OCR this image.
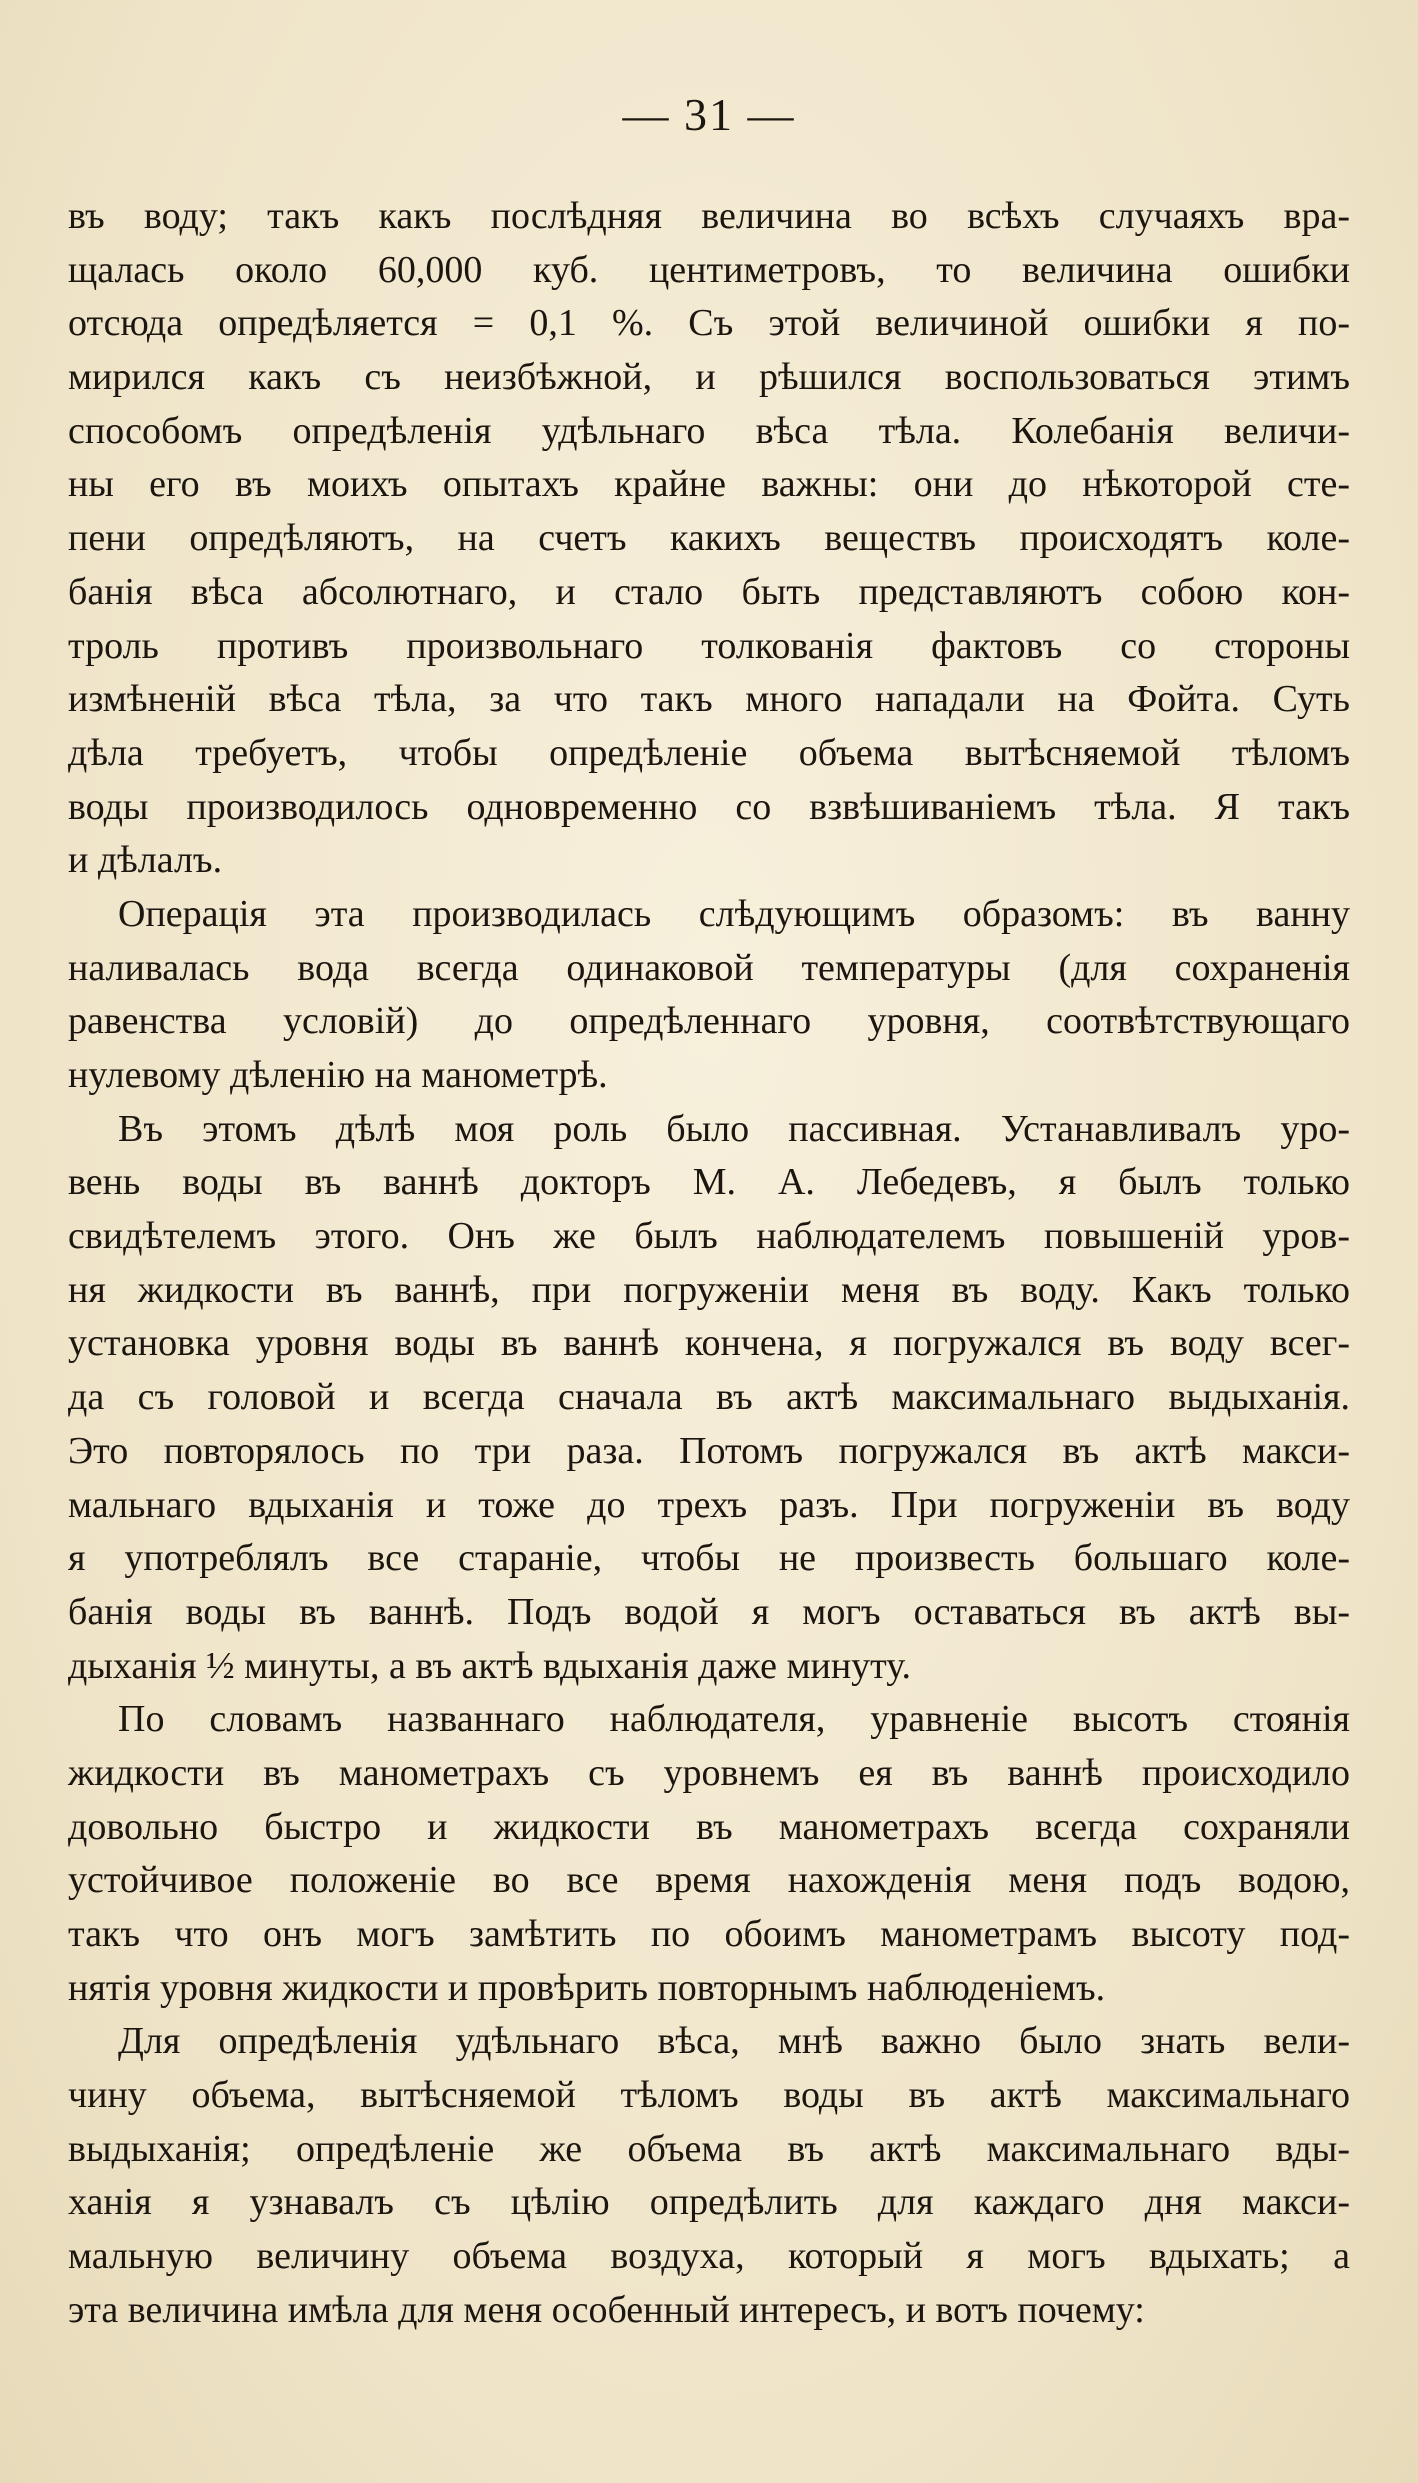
— 31 —
въ воду; такъ какъ послѣдняя величина во всѣхъ случаяхъ вра-
щалась около 60,000 куб. центиметровъ, то величина ошибки
отсюда опредѣляется = 0,1 %. Съ этой величиной ошибки я по-
мирился какъ съ неизбѣжной, и рѣшился воспользоваться этимъ
способомъ опредѣленія удѣльнаго вѣса тѣла. Колебанія величи-
ны его въ моихъ опытахъ крайне важны: они до нѣкоторой сте-
пени опредѣляютъ, на счетъ какихъ веществъ происходятъ коле-
банія вѣса абсолютнаго, и стало быть представляютъ собою кон-
троль противъ произвольнаго толкованія фактовъ со стороны
измѣненій вѣса тѣла, за что такъ много нападали на Фойта. Суть
дѣла требуетъ, чтобы опредѣленіе объема вытѣсняемой тѣломъ
воды производилось одновременно со взвѣшиваніемъ тѣла. Я такъ
и дѣлалъ.
Операція эта производилась слѣдующимъ образомъ: въ ванну
наливалась вода всегда одинаковой температуры (для сохраненія
равенства условій) до опредѣленнаго уровня, соотвѣтствующаго
нулевому дѣленію на манометрѣ.
Въ этомъ дѣлѣ моя роль было пассивная. Устанавливалъ уро-
вень воды въ ваннѣ докторъ М. А. Лебедевъ, я былъ только
свидѣтелемъ этого. Онъ же былъ наблюдателемъ повышеній уров-
ня жидкости въ ваннѣ, при погруженіи меня въ воду. Какъ только
установка уровня воды въ ваннѣ кончена, я погружался въ воду всег-
да съ головой и всегда сначала въ актѣ максимальнаго выдыханія.
Это повторялось по три раза. Потомъ погружался въ актѣ макси-
мальнаго вдыханія и тоже до трехъ разъ. При погруженіи въ воду
я употреблялъ все стараніе, чтобы не произвесть большаго коле-
банія воды въ ваннѣ. Подъ водой я могъ оставаться въ актѣ вы-
дыханія ½ минуты, а въ актѣ вдыханія даже минуту.
По словамъ названнаго наблюдателя, уравненіе высотъ стоянія
жидкости въ манометрахъ съ уровнемъ ея въ ваннѣ происходило
довольно быстро и жидкости въ манометрахъ всегда сохраняли
устойчивое положеніе во все время нахожденія меня подъ водою,
такъ что онъ могъ замѣтить по обоимъ манометрамъ высоту под-
нятія уровня жидкости и провѣрить повторнымъ наблюденіемъ.
Для опредѣленія удѣльнаго вѣса, мнѣ важно было знать вели-
чину объема, вытѣсняемой тѣломъ воды въ актѣ максимальнаго
выдыханія; опредѣленіе же объема въ актѣ максимальнаго вды-
ханія я узнавалъ съ цѣлію опредѣлить для каждаго дня макси-
мальную величину объема воздуха, который я могъ вдыхать; а
эта величина имѣла для меня особенный интересъ, и вотъ почему:
